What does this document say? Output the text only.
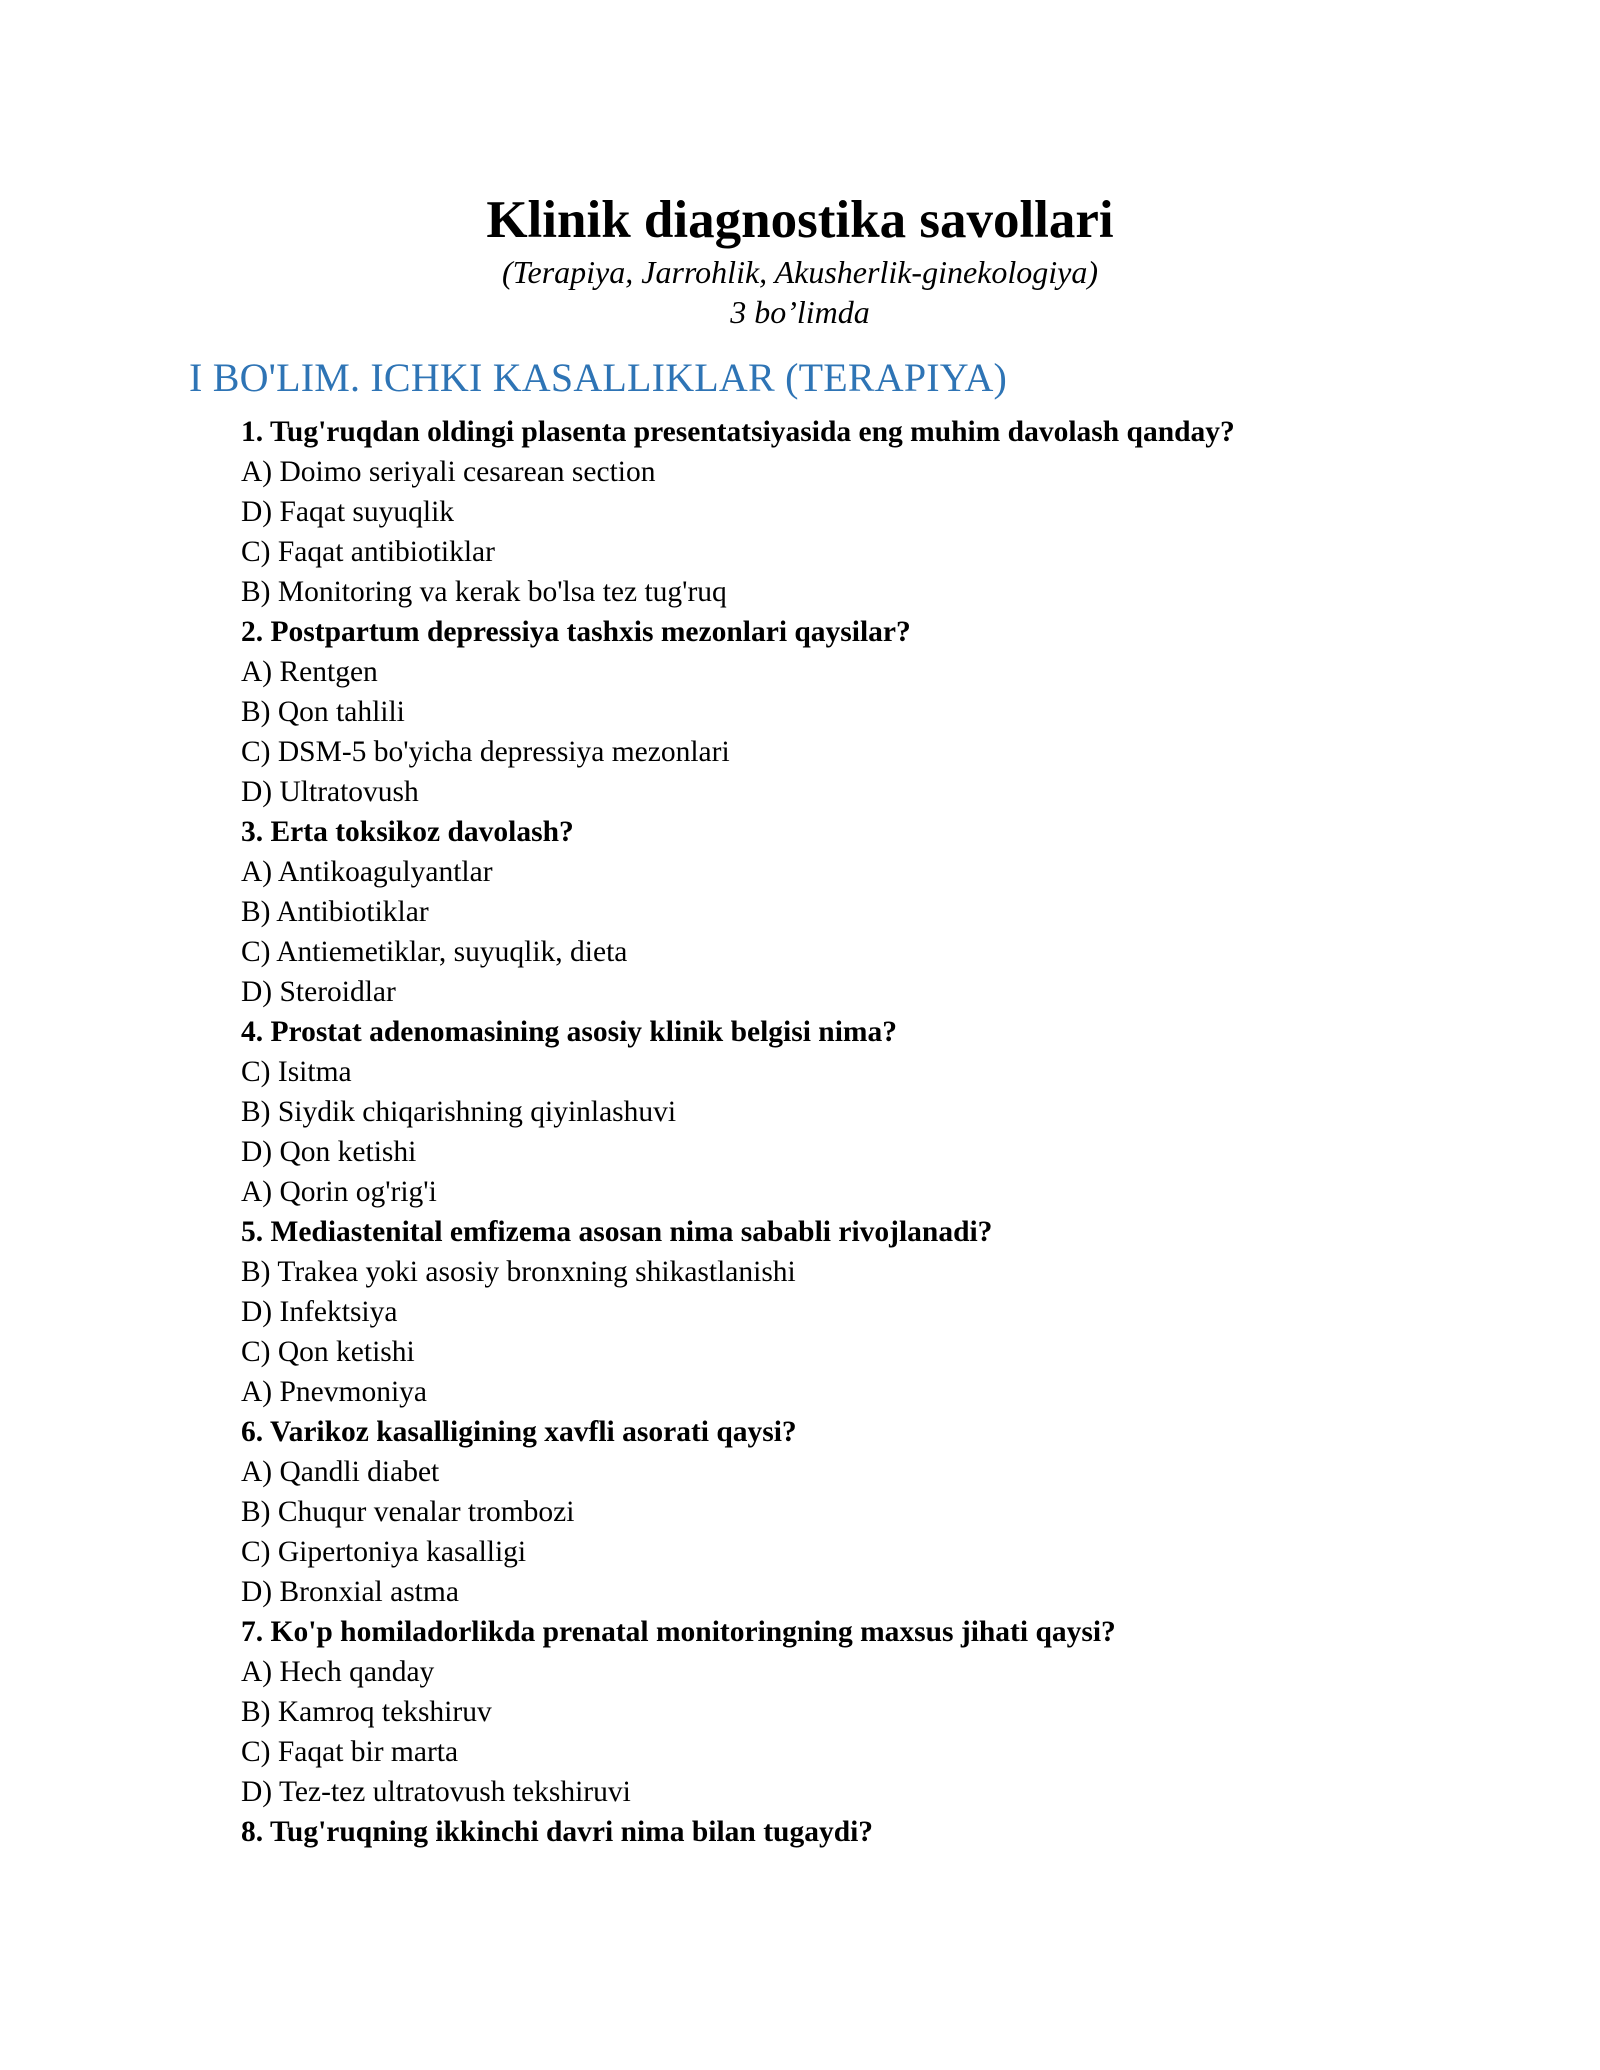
Klinik diagnostika savollari

(Terapiya, Jarrohlik, Akusherlik-ginekologiya)

3 bo’limda

I BO'LIM. ICHKI KASALLIKLAR (TERAPIYA)
1. Tug'ruqdan oldingi plasenta presentatsiyasida eng muhim davolash qanday?
A) Doimo seriyali cesarean section
D) Faqat suyuqlik
C) Faqat antibiotiklar
B) Monitoring va kerak bo'lsa tez tug'ruq
2. Postpartum depressiya tashxis mezonlari qaysilar?
A) Rentgen
B) Qon tahlili
C) DSM-5 bo'yicha depressiya mezonlari
D) Ultratovush
3. Erta toksikoz davolash?
A) Antikoagulyantlar
B) Antibiotiklar
C) Antiemetiklar, suyuqlik, dieta
D) Steroidlar
4. Prostat adenomasining asosiy klinik belgisi nima?
C) Isitma
B) Siydik chiqarishning qiyinlashuvi
D) Qon ketishi
A) Qorin og'rig'i
5. Mediastenital emfizema asosan nima sababli rivojlanadi?
B) Trakea yoki asosiy bronxning shikastlanishi
D) Infektsiya
C) Qon ketishi
A) Pnevmoniya
6. Varikoz kasalligining xavfli asorati qaysi?
A) Qandli diabet
B) Chuqur venalar trombozi
C) Gipertoniya kasalligi
D) Bronxial astma
7. Ko'p homiladorlikda prenatal monitoringning maxsus jihati qaysi?
A) Hech qanday
B) Kamroq tekshiruv
C) Faqat bir marta
D) Tez-tez ultratovush tekshiruvi
8. Tug'ruqning ikkinchi davri nima bilan tugaydi?
